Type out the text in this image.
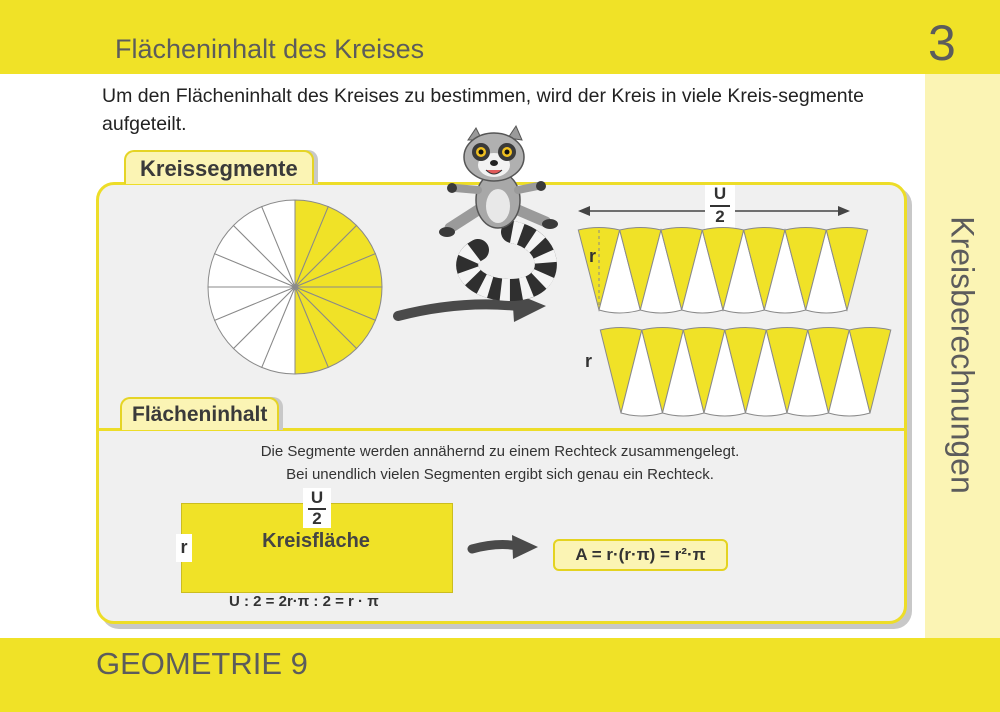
Flächeninhalt des Kreises	3
Kreisberechnungen
Um den Flächeninhalt des Kreises zu bestimmen, wird der Kreis in viele Kreis-segmente aufgeteilt.
Kreissegmente
Flächeninhalt
r
r
U
2
Die Segmente werden annähernd zu einem Rechteck zusammengelegt.
Bei unendlich vielen Segmenten ergibt sich genau ein Rechteck.
U
2
Kreisfläche
r
U : 2 = 2r·π : 2 = r · π
A = r·(r·π) = r²·π
GEOMETRIE 9
